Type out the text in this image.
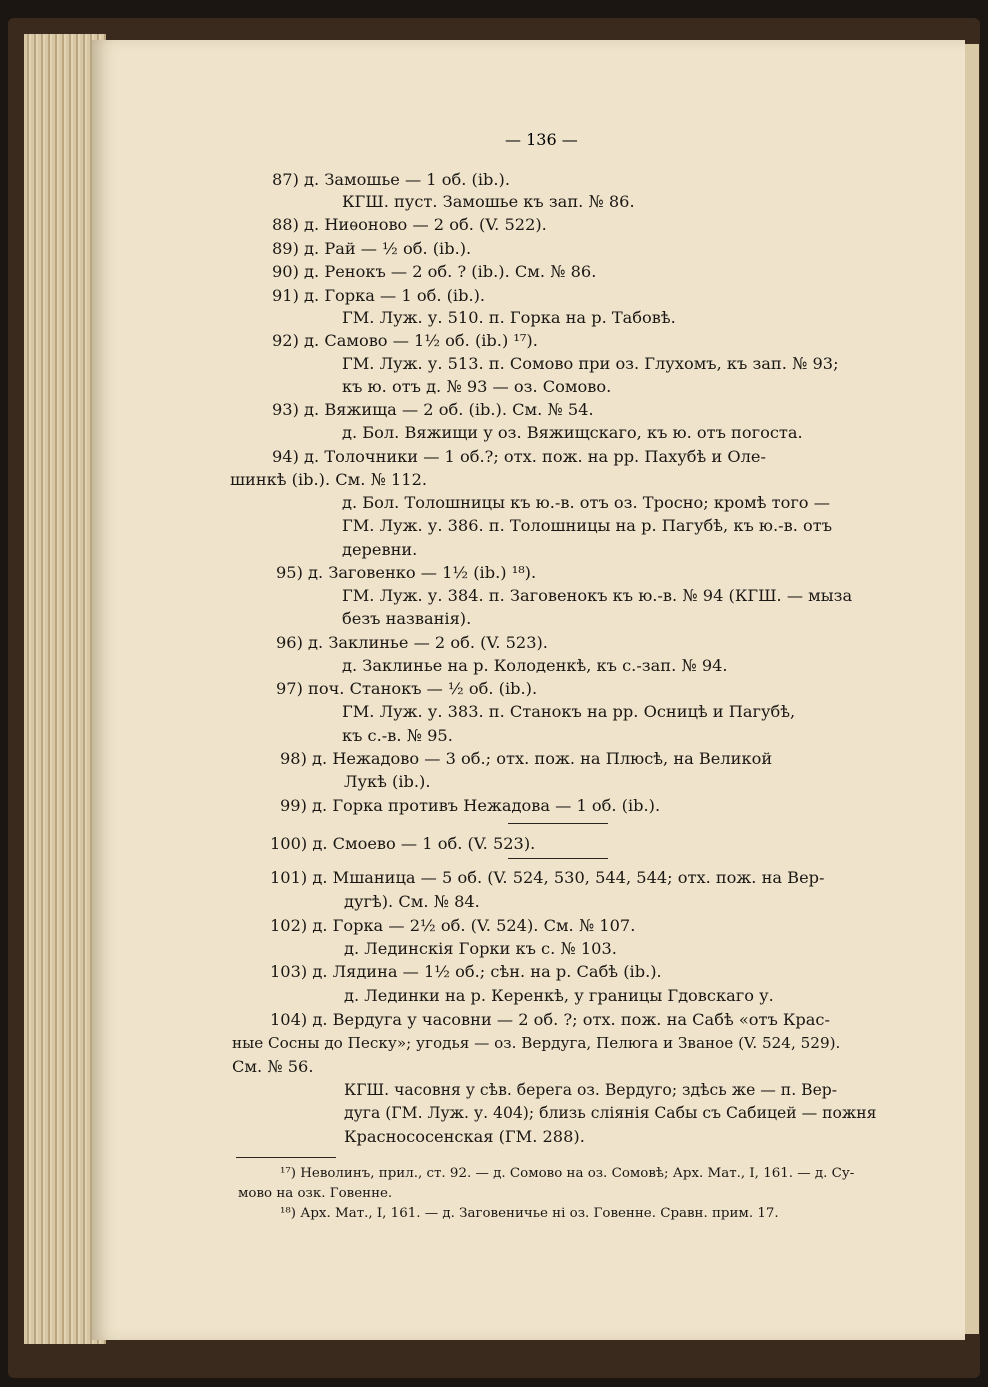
— 136 —
87) д. Замошье — 1 об. (ib.).
КГШ. пуст. Замошье къ зап. № 86.
88) д. Ниѳоново — 2 об. (V. 522).
89) д. Рай — ½ об. (ib.).
90) д. Ренокъ — 2 об. ? (ib.). См. № 86.
91) д. Горка — 1 об. (ib.).
ГМ. Луж. у. 510. п. Горка на р. Табовѣ.
92) д. Самово — 1½ об. (ib.) ¹⁷).
ГМ. Луж. у. 513. п. Сомово при оз. Глухомъ, къ зап. № 93;
къ ю. отъ д. № 93 — оз. Сомово.
93) д. Вяжища — 2 об. (ib.). См. № 54.
д. Бол. Вяжищи у оз. Вяжищскаго, къ ю. отъ погоста.
94) д. Толочники — 1 об.?; отх. пож. на рр. Пахубѣ и Оле-
шинкѣ (ib.). См. № 112.
д. Бол. Толошницы къ ю.-в. отъ оз. Тросно; кромѣ того —
ГМ. Луж. у. 386. п. Толошницы на р. Пагубѣ, къ ю.-в. отъ
деревни.
95) д. Заговенко — 1½ (ib.) ¹⁸).
ГМ. Луж. у. 384. п. Заговенокъ къ ю.-в. № 94 (КГШ. — мыза
безъ названія).
96) д. Заклинье — 2 об. (V. 523).
д. Заклинье на р. Колоденкѣ, къ с.-зап. № 94.
97) поч. Станокъ — ½ об. (ib.).
ГМ. Луж. у. 383. п. Станокъ на рр. Осницѣ и Пагубѣ,
къ с.-в. № 95.
98) д. Нежадово — 3 об.; отх. пож. на Плюсѣ, на Великой
Лукѣ (ib.).
99) д. Горка противъ Нежадова — 1 об. (ib.).
100) д. Смоево — 1 об. (V. 523).
101) д. Мшаница — 5 об. (V. 524, 530, 544, 544; отх. пож. на Вер-
дугѣ). См. № 84.
102) д. Горка — 2½ об. (V. 524). См. № 107.
д. Лединскія Горки къ с. № 103.
103) д. Лядина — 1½ об.; сѣн. на р. Сабѣ (ib.).
д. Лединки на р. Керенкѣ, у границы Гдовскаго у.
104) д. Вердуга у часовни — 2 об. ?; отх. пож. на Сабѣ «отъ Крас-
ные Сосны до Песку»; угодья — оз. Вердуга, Пелюга и Званое (V. 524, 529).
См. № 56.
КГШ. часовня у сѣв. берега оз. Вердуго; здѣсь же — п. Вер-
дуга (ГМ. Луж. у. 404); близь слiянiя Сабы съ Сабицей — пожня
Краснососенская (ГМ. 288).
¹⁷) Неволинъ, прил., ст. 92. — д. Сомово на оз. Сомовѣ; Арх. Мат., I, 161. — д. Су-
мово на озк. Говенне.
¹⁸) Арх. Мат., I, 161. — д. Заговеничье нi оз. Говенне. Сравн. прим. 17.
